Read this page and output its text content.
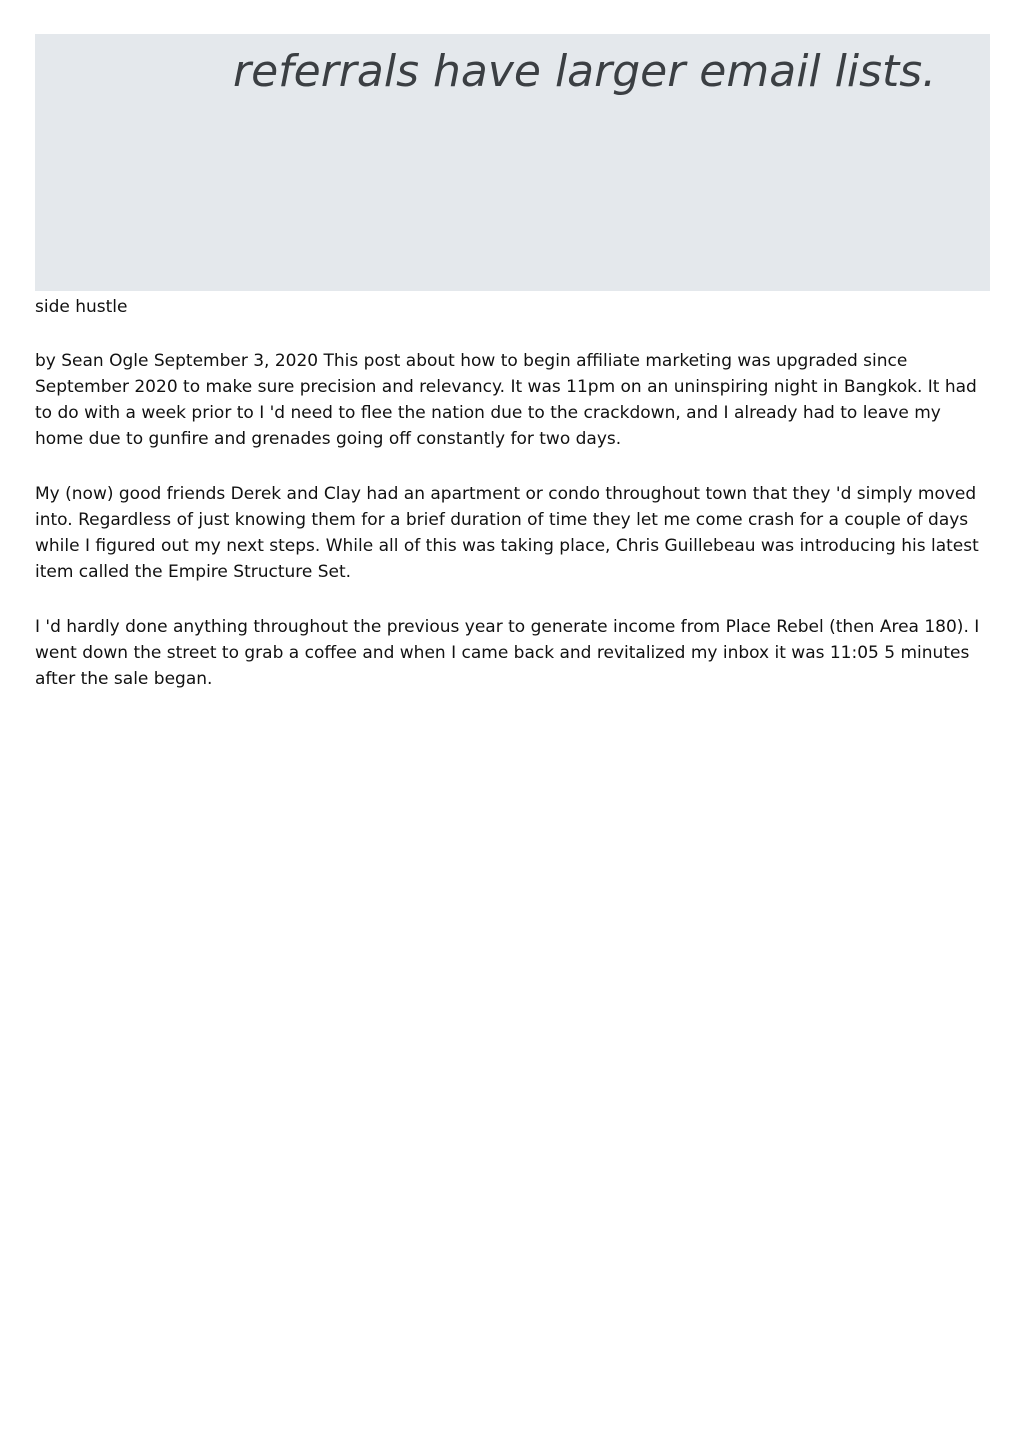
referrals have larger email lists.

side hustle

by Sean Ogle September 3, 2020 This post about how to begin affiliate marketing was upgraded since September 2020 to make sure precision and relevancy. It was 11pm on an uninspiring night in Bangkok. It had to do with a week prior to I 'd need to flee the nation due to the crackdown, and I already had to leave my home due to gunfire and grenades going off constantly for two days.

My (now) good friends Derek and Clay had an apartment or condo throughout town that they 'd simply moved into. Regardless of just knowing them for a brief duration of time they let me come crash for a couple of days while I figured out my next steps. While all of this was taking place, Chris Guillebeau was introducing his latest item called the Empire Structure Set.

I 'd hardly done anything throughout the previous year to generate income from Place Rebel (then Area 180). I went down the street to grab a coffee and when I came back and revitalized my inbox it was 11:05 5 minutes after the sale began.
